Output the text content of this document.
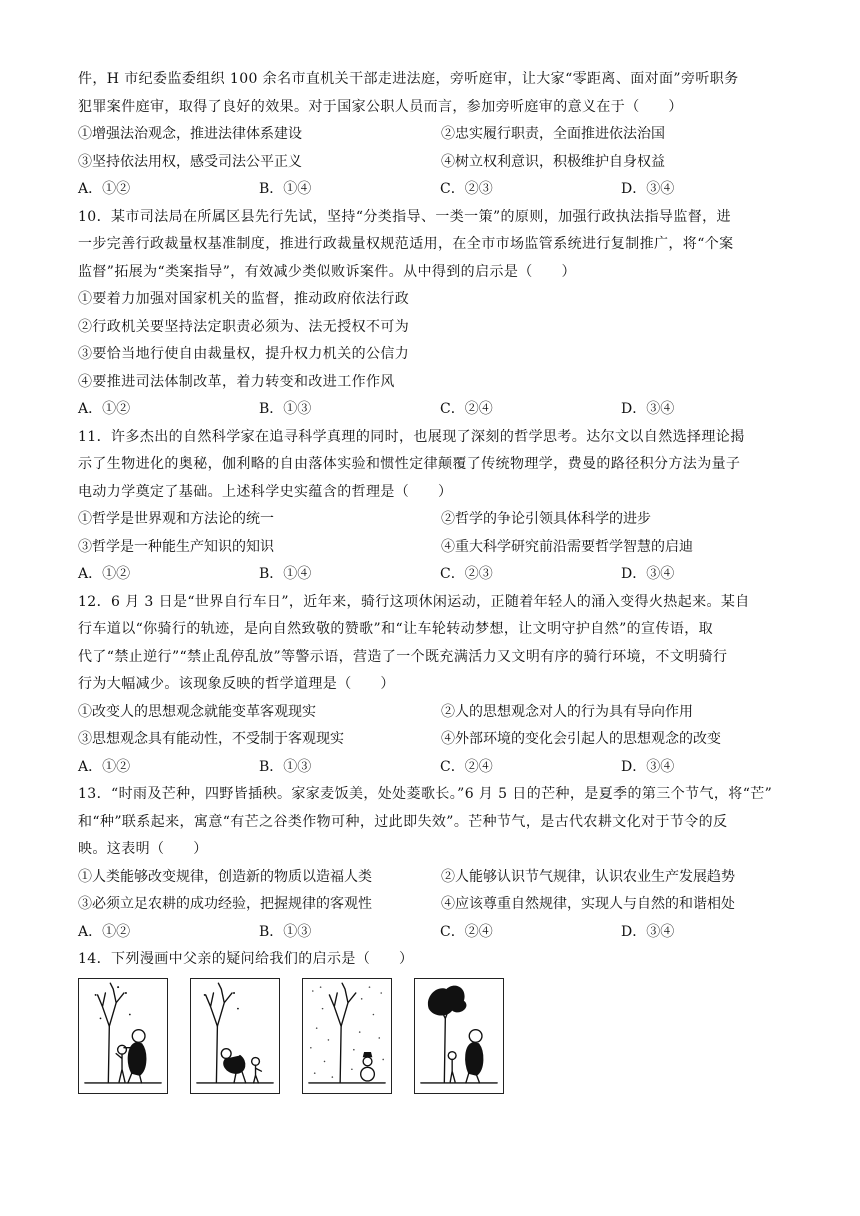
件，H 市纪委监委组织 100 余名市直机关干部走进法庭，旁听庭审，让大家“零距离、面对面”旁听职务
犯罪案件庭审，取得了良好的效果。对于国家公职人员而言，参加旁听庭审的意义在于（　　）
①增强法治观念，推进法律体系建设	②忠实履行职责，全面推进依法治国
③坚持依法用权，感受司法公平正义	④树立权利意识，积极维护自身权益
A．①②	B．①④	C．②③	D．③④
10．某市司法局在所属区县先行先试，坚持“分类指导、一类一策”的原则，加强行政执法指导监督，进
一步完善行政裁量权基准制度，推进行政裁量权规范适用，在全市市场监管系统进行复制推广，将“个案
监督”拓展为“类案指导”，有效减少类似败诉案件。从中得到的启示是（　　）
①要着力加强对国家机关的监督，推动政府依法行政
②行政机关要坚持法定职责必须为、法无授权不可为
③要恰当地行使自由裁量权，提升权力机关的公信力
④要推进司法体制改革，着力转变和改进工作作风
A．①②	B．①③	C．②④	D．③④
11．许多杰出的自然科学家在追寻科学真理的同时，也展现了深刻的哲学思考。达尔文以自然选择理论揭
示了生物进化的奥秘，伽利略的自由落体实验和惯性定律颠覆了传统物理学，费曼的路径积分方法为量子
电动力学奠定了基础。上述科学史实蕴含的哲理是（　　）
①哲学是世界观和方法论的统一	②哲学的争论引领具体科学的进步
③哲学是一种能生产知识的知识	④重大科学研究前沿需要哲学智慧的启迪
A．①②	B．①④	C．②③	D．③④
12．6 月 3 日是“世界自行车日”，近年来，骑行这项休闲运动，正随着年轻人的涌入变得火热起来。某自
行车道以“你骑行的轨迹，是向自然致敬的赞歌”和“让车轮转动梦想，让文明守护自然”的宣传语，取
代了“禁止逆行”“禁止乱停乱放”等警示语，营造了一个既充满活力又文明有序的骑行环境，不文明骑行
行为大幅减少。该现象反映的哲学道理是（　　）
①改变人的思想观念就能变革客观现实	②人的思想观念对人的行为具有导向作用
③思想观念具有能动性，不受制于客观现实	④外部环境的变化会引起人的思想观念的改变
A．①②	B．①③	C．②④	D．③④
13．“时雨及芒种，四野皆插秧。家家麦饭美，处处菱歌长。”6 月 5 日的芒种，是夏季的第三个节气，将“芒”
和“种”联系起来，寓意“有芒之谷类作物可种，过此即失效”。芒种节气，是古代农耕文化对于节令的反
映。这表明（　　）
①人类能够改变规律，创造新的物质以造福人类	②人能够认识节气规律，认识农业生产发展趋势
③必须立足农耕的成功经验，把握规律的客观性	④应该尊重自然规律，实现人与自然的和谐相处
A．①②	B．①③	C．②④	D．③④
14．下列漫画中父亲的疑问给我们的启示是（　　）
